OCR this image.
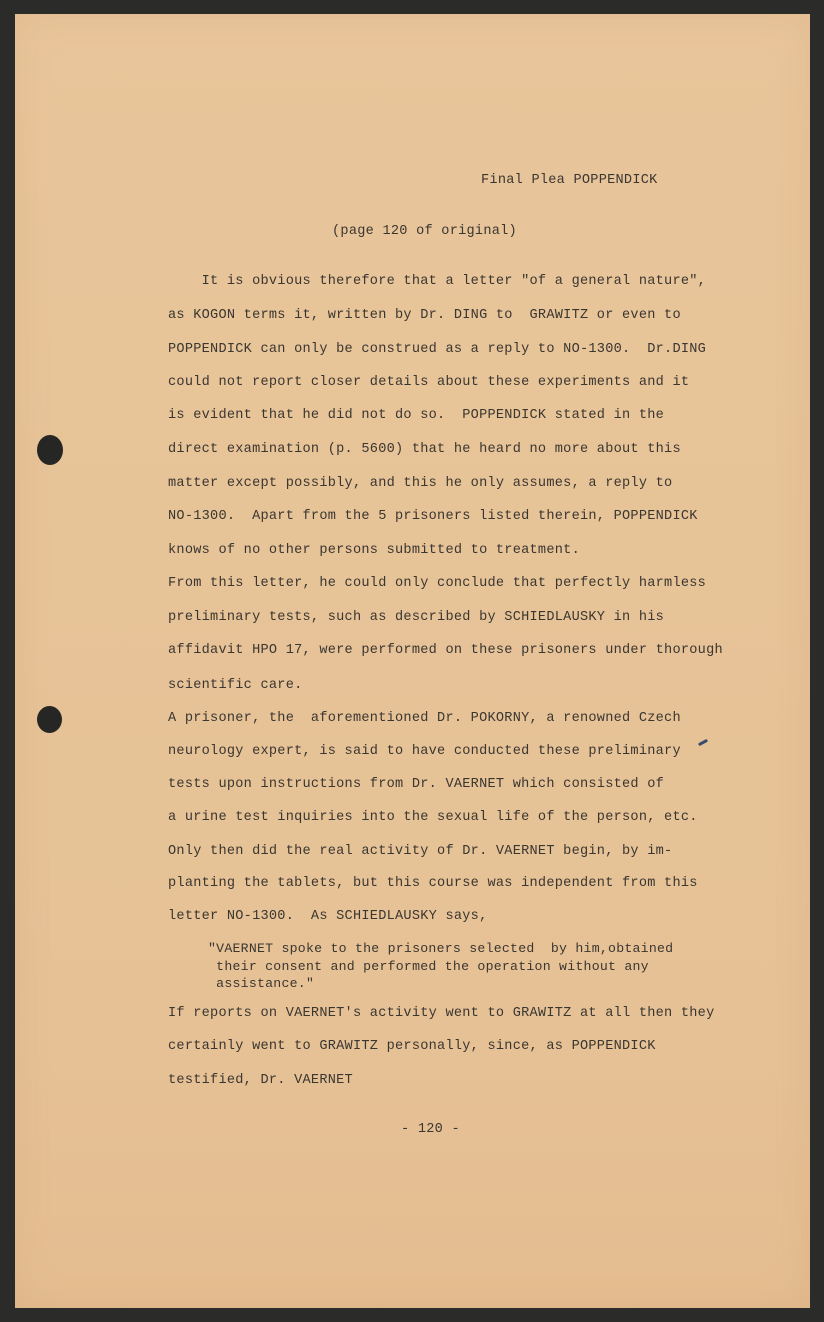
Final Plea POPPENDICK
(page 120 of original)
It is obvious therefore that a letter "of a general nature",
as KOGON terms it, written by Dr. DING to  GRAWITZ or even to
POPPENDICK can only be construed as a reply to NO-1300.  Dr.DING
could not report closer details about these experiments and it
is evident that he did not do so.  POPPENDICK stated in the
direct examination (p. 5600) that he heard no more about this
matter except possibly, and this he only assumes, a reply to
NO-1300.  Apart from the 5 prisoners listed therein, POPPENDICK
knows of no other persons submitted to treatment.
From this letter, he could only conclude that perfectly harmless
preliminary tests, such as described by SCHIEDLAUSKY in his
affidavit HPO 17, were performed on these prisoners under thorough
scientific care.
A prisoner, the  aforementioned Dr. POKORNY, a renowned Czech
neurology expert, is said to have conducted these preliminary
tests upon instructions from Dr. VAERNET which consisted of
a urine test inquiries into the sexual life of the person, etc.
Only then did the real activity of Dr. VAERNET begin, by im-
planting the tablets, but this course was independent from this
letter NO-1300.  As SCHIEDLAUSKY says,
"VAERNET spoke to the prisoners selected  by him,obtained
their consent and performed the operation without any
assistance."
If reports on VAERNET's activity went to GRAWITZ at all then they
certainly went to GRAWITZ personally, since, as POPPENDICK
testified, Dr. VAERNET
- 120 -
